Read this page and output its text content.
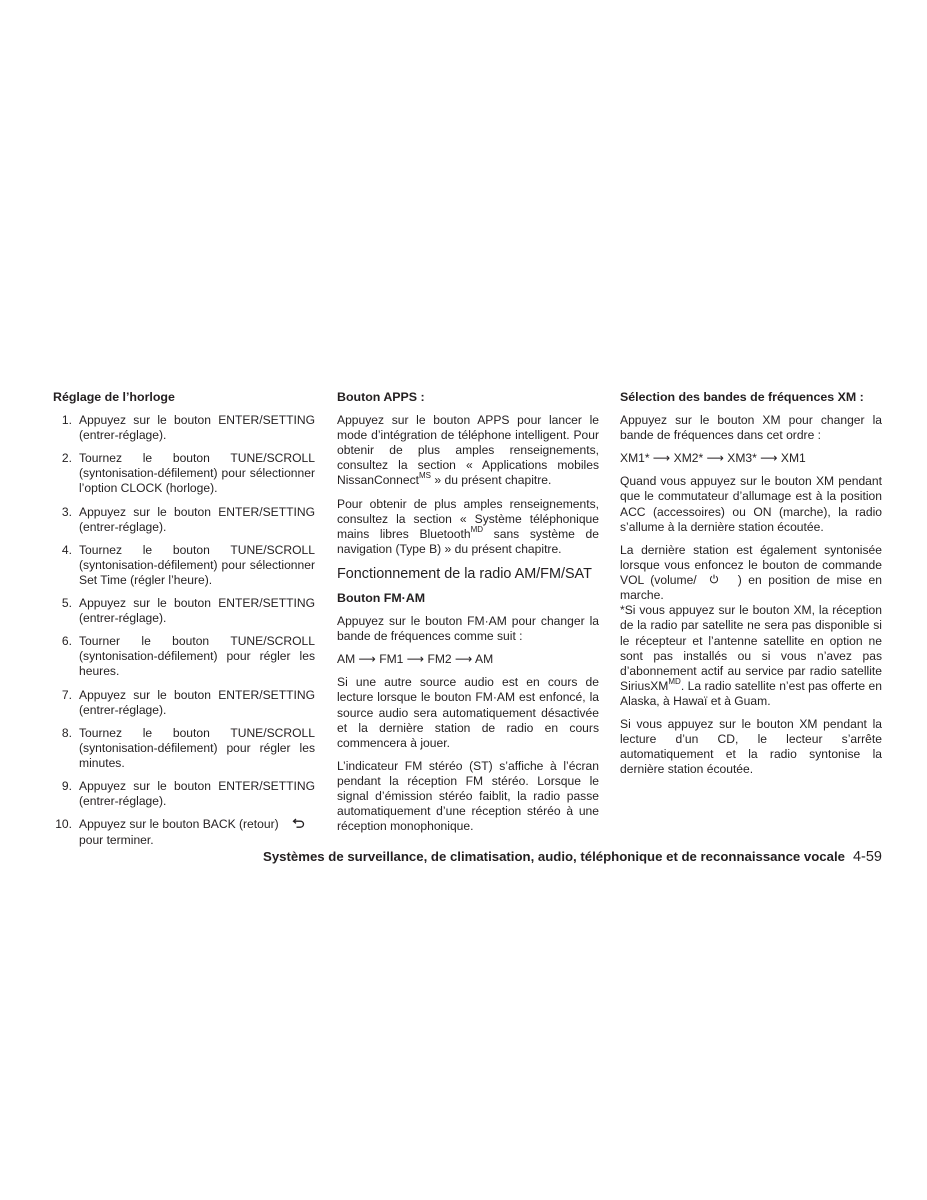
Réglage de l’horloge
1. Appuyez sur le bouton ENTER/SETTING (entrer-réglage).
2. Tournez le bouton TUNE/SCROLL (syntonisation-défilement) pour sélectionner l’option CLOCK (horloge).
3. Appuyez sur le bouton ENTER/SETTING (entrer-réglage).
4. Tournez le bouton TUNE/SCROLL (syntonisation-défilement) pour sélectionner Set Time (régler l’heure).
5. Appuyez sur le bouton ENTER/SETTING (entrer-réglage).
6. Tourner le bouton TUNE/SCROLL (syntonisation-défilement) pour régler les heures.
7. Appuyez sur le bouton ENTER/SETTING (entrer-réglage).
8. Tournez le bouton TUNE/SCROLL (syntonisation-défilement) pour régler les minutes.
9. Appuyez sur le bouton ENTER/SETTING (entrer-réglage).
10. Appuyez sur le bouton BACK (retour)
pour terminer.
Bouton APPS :
Appuyez sur le bouton APPS pour lancer le mode d’intégration de téléphone intelligent. Pour obtenir de plus amples renseignements, consultez la section « Applications mobiles NissanConnect$^{MS}$ » du présent chapitre.
Pour obtenir de plus amples renseignements, consultez la section « Système téléphonique mains libres Bluetooth$^{MD}$ sans système de navigation (Type B) » du présent chapitre.
Fonctionnement de la radio AM/FM/SAT
Bouton FM·AM
Appuyez sur le bouton FM·AM pour changer la bande de fréquences comme suit :
AM ⟶ FM1 ⟶ FM2 ⟶ AM
Si une autre source audio est en cours de lecture lorsque le bouton FM·AM est enfoncé, la source audio sera automatiquement désactivée et la dernière station de radio en cours commencera à jouer.
L’indicateur FM stéréo (ST) s’affiche à l’écran pendant la réception FM stéréo. Lorsque le signal d’émission stéréo faiblit, la radio passe automatiquement d’une réception stéréo à une réception monophonique.
Sélection des bandes de fréquences XM :
Appuyez sur le bouton XM pour changer la bande de fréquences dans cet ordre :
XM1* ⟶ XM2* ⟶ XM3* ⟶ XM1
Quand vous appuyez sur le bouton XM pendant que le commutateur d’allumage est à la position ACC (accessoires) ou ON (marche), la radio s’allume à la dernière station écoutée.
La dernière station est également syntonisée lorsque vous enfoncez le bouton de commande VOL (volume/	) en position de mise en marche.
*Si vous appuyez sur le bouton XM, la réception de la radio par satellite ne sera pas disponible si le récepteur et l’antenne satellite en option ne sont pas installés ou si vous n’avez pas d’abonnement actif au service par radio satellite SiriusXM$^{MD}$. La radio satellite n’est pas offerte en Alaska, à Hawaï et à Guam.
Si vous appuyez sur le bouton XM pendant la lecture d’un CD, le lecteur s’arrête automatiquement et la radio syntonise la dernière station écoutée.
Systèmes de surveillance, de climatisation, audio, téléphonique et de reconnaissance vocale 4-59
